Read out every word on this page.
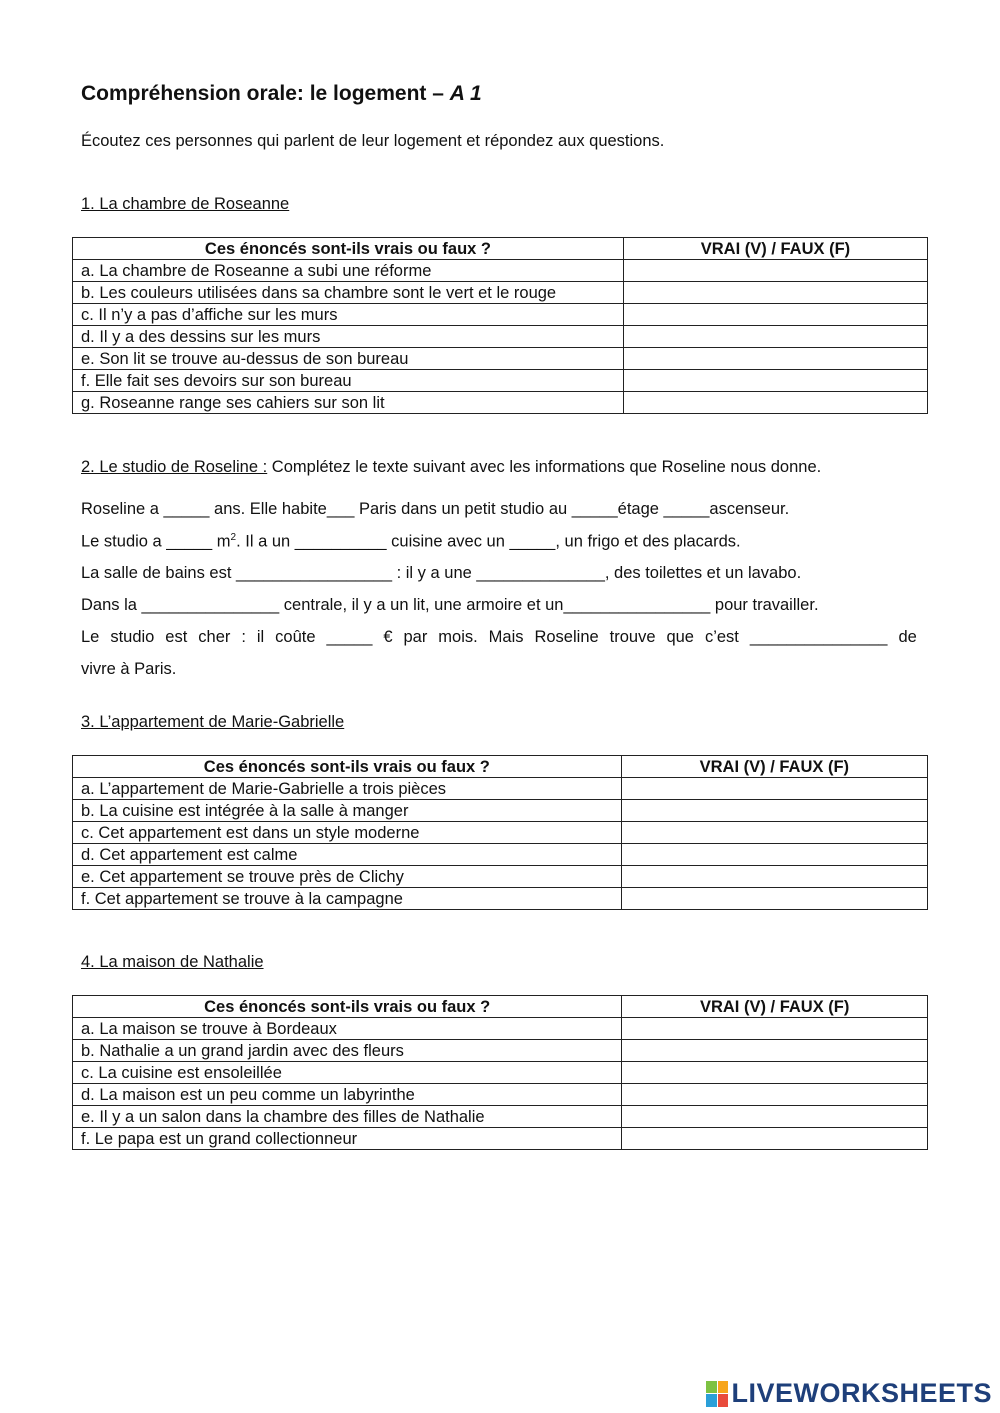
Compréhension orale: le logement – A 1
Écoutez ces personnes qui parlent de leur logement et répondez aux questions.
1. La chambre de Roseanne
Ces énoncés sont-ils vrais ou faux ?	VRAI (V) / FAUX (F)
a. La chambre de Roseanne a subi une réforme	
b. Les couleurs utilisées dans sa chambre sont le vert et le rouge	
c. Il n’y a pas d’affiche sur les murs	
d. Il y a des dessins sur les murs	
e. Son lit se trouve au-dessus de son bureau	
f. Elle fait ses devoirs sur son bureau	
g. Roseanne range ses cahiers sur son lit	
2. Le studio de Roseline : Complétez le texte suivant avec les informations que Roseline nous donne.
Roseline a _____ ans. Elle habite___ Paris dans un petit studio au _____étage _____ascenseur.
Le studio a _____ $m^2$. Il a un __________ cuisine avec un _____, un frigo et des placards.
La salle de bains est _________________ : il y a une ______________, des toilettes et un lavabo.
Dans la _______________ centrale, il y a un lit, une armoire et un________________ pour travailler.
Le studio est cher : il coûte _____ € par mois. Mais Roseline trouve que c’est _______________ de
vivre à Paris.
3. L’appartement de Marie-Gabrielle
Ces énoncés sont-ils vrais ou faux ?	VRAI (V) / FAUX (F)
a. L’appartement de Marie-Gabrielle a trois pièces	
b. La cuisine est intégrée à la salle à manger	
c. Cet appartement est dans un style moderne	
d. Cet appartement est calme	
e. Cet appartement se trouve près de Clichy	
f. Cet appartement se trouve à la campagne	
4. La maison de Nathalie
Ces énoncés sont-ils vrais ou faux ?	VRAI (V) / FAUX (F)
a. La maison se trouve à Bordeaux	
b. Nathalie a un grand jardin avec des fleurs	
c. La cuisine est ensoleillée	
d. La maison est un peu comme un labyrinthe	
e. Il y a un salon dans la chambre des filles de Nathalie	
f. Le papa est un grand collectionneur	
LIVEWORKSHEETS
